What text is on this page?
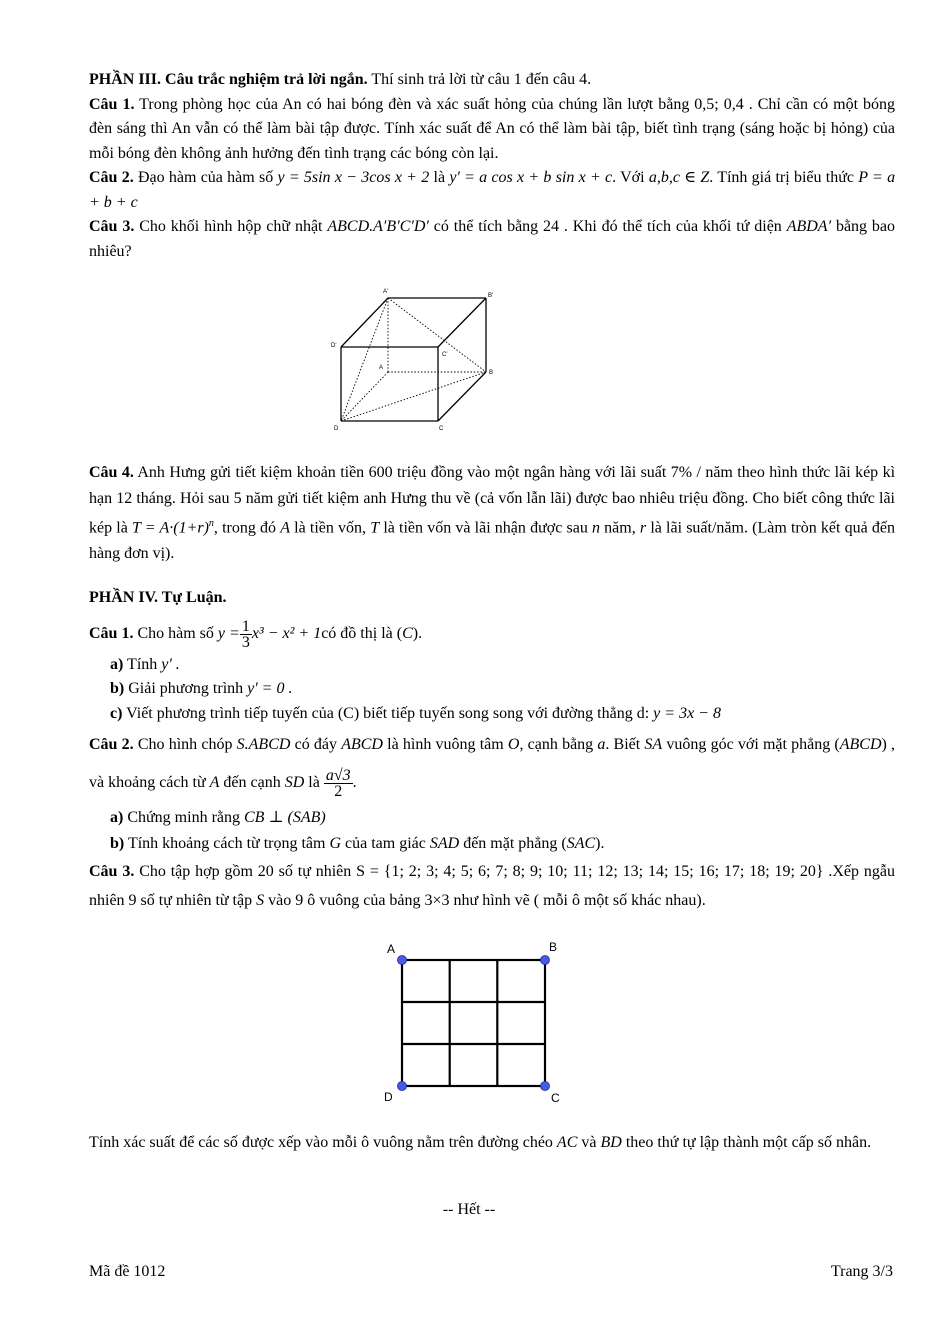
PHẦN III. Câu trắc nghiệm trả lời ngắn. Thí sinh trả lời từ câu 1 đến câu 4.

Câu 1. Trong phòng học của An có hai bóng đèn và xác suất hỏng của chúng lần lượt bằng 0,5; 0,4 . Chỉ cần có một bóng đèn sáng thì An vẫn có thể làm bài tập được. Tính xác suất để An có thể làm bài tập, biết tình trạng (sáng hoặc bị hỏng) của mỗi bóng đèn không ảnh hưởng đến tình trạng các bóng còn lại.

Câu 2. Đạo hàm của hàm số y = 5sin x − 3cos x + 2 là y' = a cos x + b sin x + c. Với a,b,c ∈ Z. Tính giá trị biểu thức P = a + b + c

Câu 3. Cho khối hình hộp chữ nhật ABCD.A′B′C′D′ có thể tích bằng 24 . Khi đó thể tích của khối tứ diện ABDA′ bằng bao nhiêu?

Câu 4. Anh Hưng gửi tiết kiệm khoản tiền 600 triệu đồng vào một ngân hàng với lãi suất 7% / năm theo hình thức lãi kép kì hạn 12 tháng. Hỏi sau 5 năm gửi tiết kiệm anh Hưng thu về (cả vốn lẫn lãi) được bao nhiêu triệu đồng. Cho biết công thức lãi kép là $T = A\cdot(1+r)^n$, trong đó A là tiền vốn, T là tiền vốn và lãi nhận được sau n năm, r là lãi suất/năm. (Làm tròn kết quả đến hàng đơn vị).

PHẦN IV. Tự Luận.

Câu 1. Cho hàm số $y = \frac{1}{3} x^3 - x^2$ + 1có đồ thị là (C).

a) Tính y' .

b) Giải phương trình y' = 0 .

c) Viết phương trình tiếp tuyến của (C) biết tiếp tuyến song song với đường thẳng d: y = 3x − 8

Câu 2. Cho hình chóp S.ABCD có đáy ABCD là hình vuông tâm O, cạnh bằng a. Biết SA vuông góc với mặt phẳng (ABCD) , và khoảng cách từ A đến cạnh SD là $\frac{a√3}{2}$ .

a) Chứng minh rằng CB ⊥ (SAB)

b) Tính khoảng cách từ trọng tâm G của tam giác SAD đến mặt phẳng (SAC).

Câu 3. Cho tập hợp gồm 20 số tự nhiên S = {1; 2; 3; 4; 5; 6; 7; 8; 9; 10; 11; 12; 13; 14; 15; 16; 17; 18; 19; 20} .Xếp ngẫu nhiên 9 số tự nhiên từ tập S vào 9 ô vuông của bảng 3×3 như hình vẽ ( mỗi ô một số khác nhau).

Tính xác suất để các số được xếp vào mỗi ô vuông nằm trên đường chéo AC và BD theo thứ tự lập thành một cấp số nhân.

A'
B'
D'
C'
A
B
D	C
A	B
D	C
-- Hết --
Mã đề 1012	Trang 3/3
